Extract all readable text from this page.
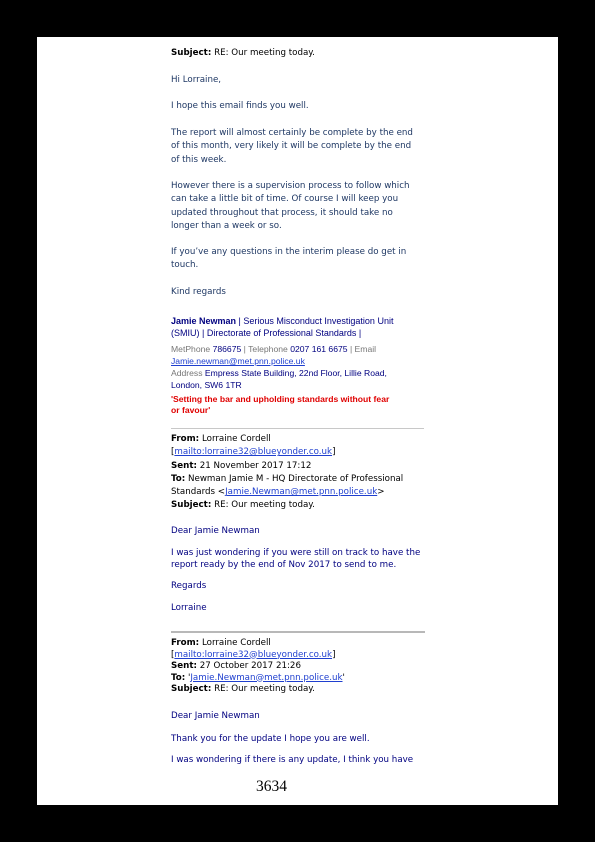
Subject: RE: Our meeting today.
Hi Lorraine,
I hope this email finds you well.
The report will almost certainly be complete by the end
of this month, very likely it will be complete by the end
of this week.
However there is a supervision process to follow which
can take a little bit of time. Of course I will keep you
updated throughout that process, it should take no
longer than a week or so.
If you’ve any questions in the interim please do get in
touch.
Kind regards
Jamie Newman | Serious Misconduct Investigation Unit
(SMIU) | Directorate of Professional Standards |
MetPhone 786675 | Telephone 0207 161 6675 | Email
Jamie.newman@met.pnn.police.uk
Address Empress State Building, 22nd Floor, Lillie Road,
London, SW6 1TR
'Setting the bar and upholding standards without fear
or favour'
From: Lorraine Cordell
[mailto:lorraine32@blueyonder.co.uk]
Sent: 21 November 2017 17:12
To: Newman Jamie M - HQ Directorate of Professional
Standards <Jamie.Newman@met.pnn.police.uk>
Subject: RE: Our meeting today.
Dear Jamie Newman
I was just wondering if you were still on track to have the
report ready by the end of Nov 2017 to send to me.
Regards
Lorraine
From: Lorraine Cordell
[mailto:lorraine32@blueyonder.co.uk]
Sent: 27 October 2017 21:26
To: 'Jamie.Newman@met.pnn.police.uk'
Subject: RE: Our meeting today.
Dear Jamie Newman
Thank you for the update I hope you are well.
I was wondering if there is any update, I think you have
3634
